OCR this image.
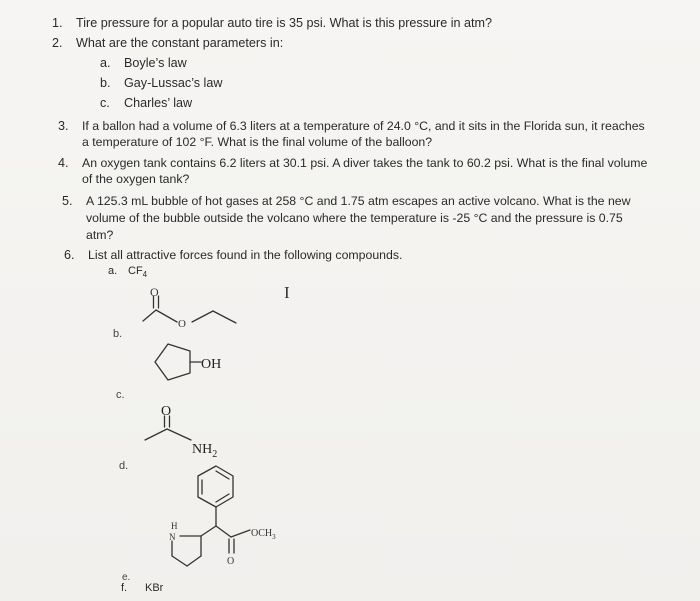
1. Tire pressure for a popular auto tire is 35 psi. What is this pressure in atm?
2. What are the constant parameters in:
a. Boyle’s law
b. Gay-Lussac’s law
c. Charles’ law
3. If a ballon had a volume of 6.3 liters at a temperature of 24.0 °C, and it sits in the Florida sun, it reaches
a temperature of 102 °F. What is the final volume of the balloon?
4. An oxygen tank contains 6.2 liters at 30.1 psi. A diver takes the tank to 60.2 psi. What is the final volume
of the oxygen tank?
5. A 125.3 mL bubble of hot gases at 258 °C and 1.75 atm escapes an active volcano. What is the new
volume of the bubble outside the volcano where the temperature is -25 °C and the pressure is 0.75
atm?
6. List all attractive forces found in the following compounds.
a. $CF_4$
b.
c.
d.
e.
f. KBr
I
O
O
OH
O
$NH_2$
H
N	$OCH_3$
O
